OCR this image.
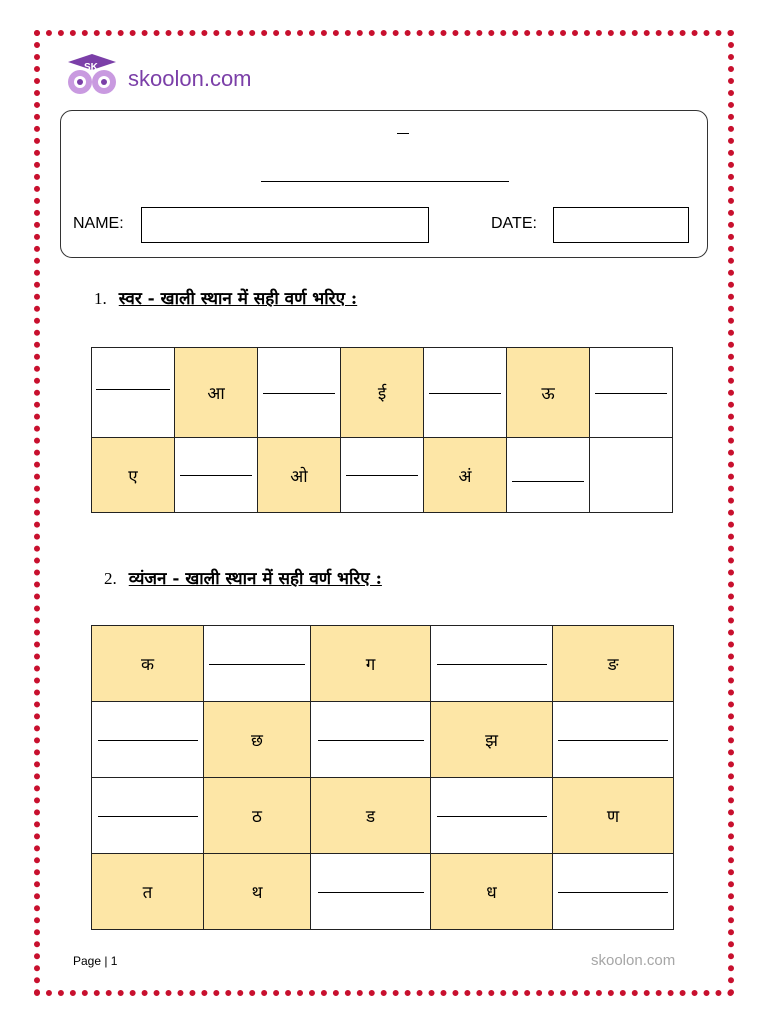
SK skoolon.com
NAME:	DATE:
1. स्वर - खाली स्थान में सही वर्ण भरिए :
	आ		ई		ऊ	
ए		ओ		अं		
2. व्यंजन - खाली स्थान में सही वर्ण भरिए :
क		ग		ङ
	छ		झ	
	ठ	ड		ण
त	थ		ध	
Page | 1	skoolon.com
